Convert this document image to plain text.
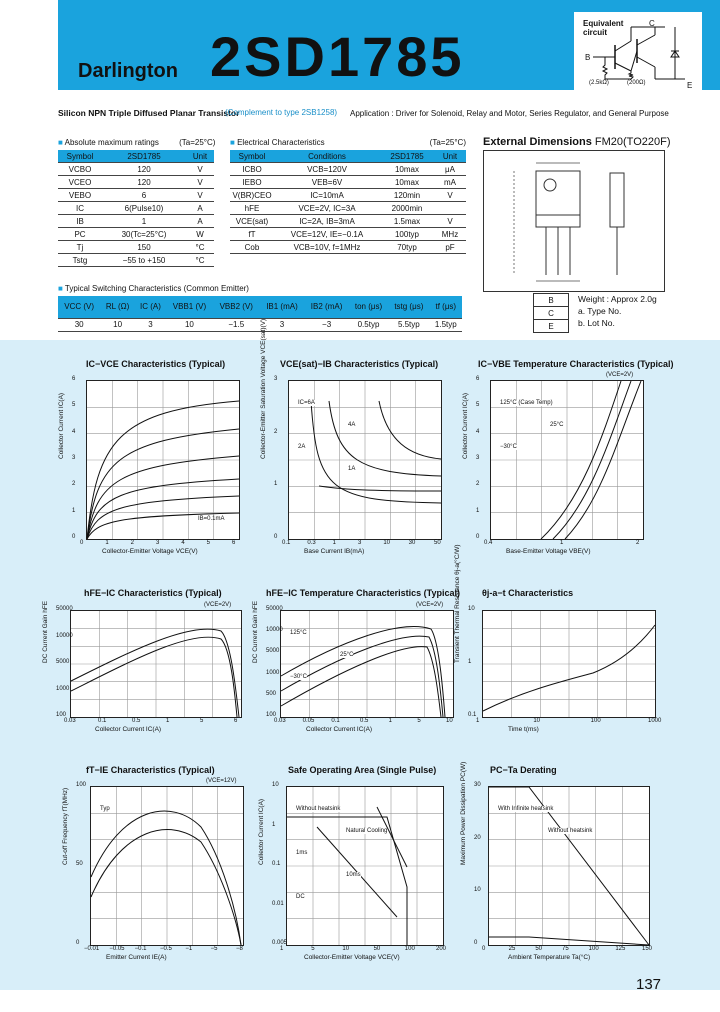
Darlington 2SD1785
Equivalent
circuit
C
B
E
(2.5kΩ)	(200Ω)
Silicon NPN Triple Diffused Planar Transistor
(Complement to type 2SB1258) Application : Driver for Solenoid, Relay and Motor, Series Regulator, and General Purpose
■ Absolute maximum ratings	(Ta=25°C)
Symbol	2SD1785	Unit
VCBO	120	V
VCEO	120	V
VEBO	6	V
IC	6(Pulse10)	A
IB	1	A
PC	30(Tc=25°C)	W
Tj	150	°C
Tstg	−55 to +150	°C
■ Electrical Characteristics	(Ta=25°C)
Symbol	Conditions	2SD1785	Unit
ICBO	VCB=120V	10max	μA
IEBO	VEB=6V	10max	mA
V(BR)CEO	IC=10mA	120min	V
hFE	VCE=2V, IC=3A	2000min	
VCE(sat)	IC=2A, IB=3mA	1.5max	V
fT	VCE=12V, IE=−0.1A	100typ	MHz
Cob	VCB=10V, f=1MHz	70typ	pF
External Dimensions FM20(TO220F)
B
C
E
Weight : Approx 2.0g
a. Type No.
b. Lot No.
■ Typical Switching Characteristics (Common Emitter)
VCC (V)	RL (Ω)	IC (A)	VBB1 (V)	VBB2 (V)	IB1 (mA)	IB2 (mA)	ton (μs)	tstg (μs)	tf (μs)
30	10	3	10	−1.5	3	−3	0.5typ	5.5typ	1.5typ
IC−VCE Characteristics (Typical)
0	1	2	3	4	5	6
0
1
2
3
4
5
6
Collector-Emitter Voltage VCE(V)
Collector Current IC(A)
IB=0.1mA
VCE(sat)−IB Characteristics (Typical)
0.1	0.3	1	3	10	30	50
0
1
2
3
Base Current IB(mA)
Collector-Emitter Saturation Voltage VCE(sat)(V)	IC=6A
4A
2A
1A
IC−VBE Temperature Characteristics (Typical)
0.4	1	2
0
1
2
3
4
5
6
Base-Emitter Voltage VBE(V)
Collector Current IC(A)
(VCE=2V)
125°C (Case Temp)
25°C
−30°C
hFE−IC Characteristics (Typical)
0.03	0.1	0.5	1	5	6
100
1000
5000
10000
50000
Collector Current IC(A)
DC Current Gain hFE	(VCE=2V)
hFE−IC Temperature Characteristics (Typical)
0.03	0.05	0.1	0.5	1	5	10
100
500
1000
5000
10000
50000
Collector Current IC(A)
DC Current Gain hFE	(VCE=2V)
125°C
25°C
−30°C
θj-a−t Characteristics
1	10	100	1000
0.1
1
10
Time t(ms)
Transient Thermal Resistance θj-a(°C/W)
fT−IE Characteristics (Typical)
−0.01 −0.05 −0.1 −0.5 −1	−5	−8
0
50
100
Emitter Current IE(A)
Cut-off Frequency fT(MHz)
(VCE=12V)
Typ
Safe Operating Area (Single Pulse)
1	5	10	50	100	200
0.005
0.01
0.1
1
10
Collector-Emitter Voltage VCE(V)
Collector Current IC(A)	Without heatsink
Natural Cooling
1ms
10ms
DC
PC−Ta Derating
0	25	50	75	100	125	150
0
10
20
30
Ambient Temperature Ta(°C)
Maximum Power Dissipation PC(W)	With Infinite heatsink
Without heatsink
137
